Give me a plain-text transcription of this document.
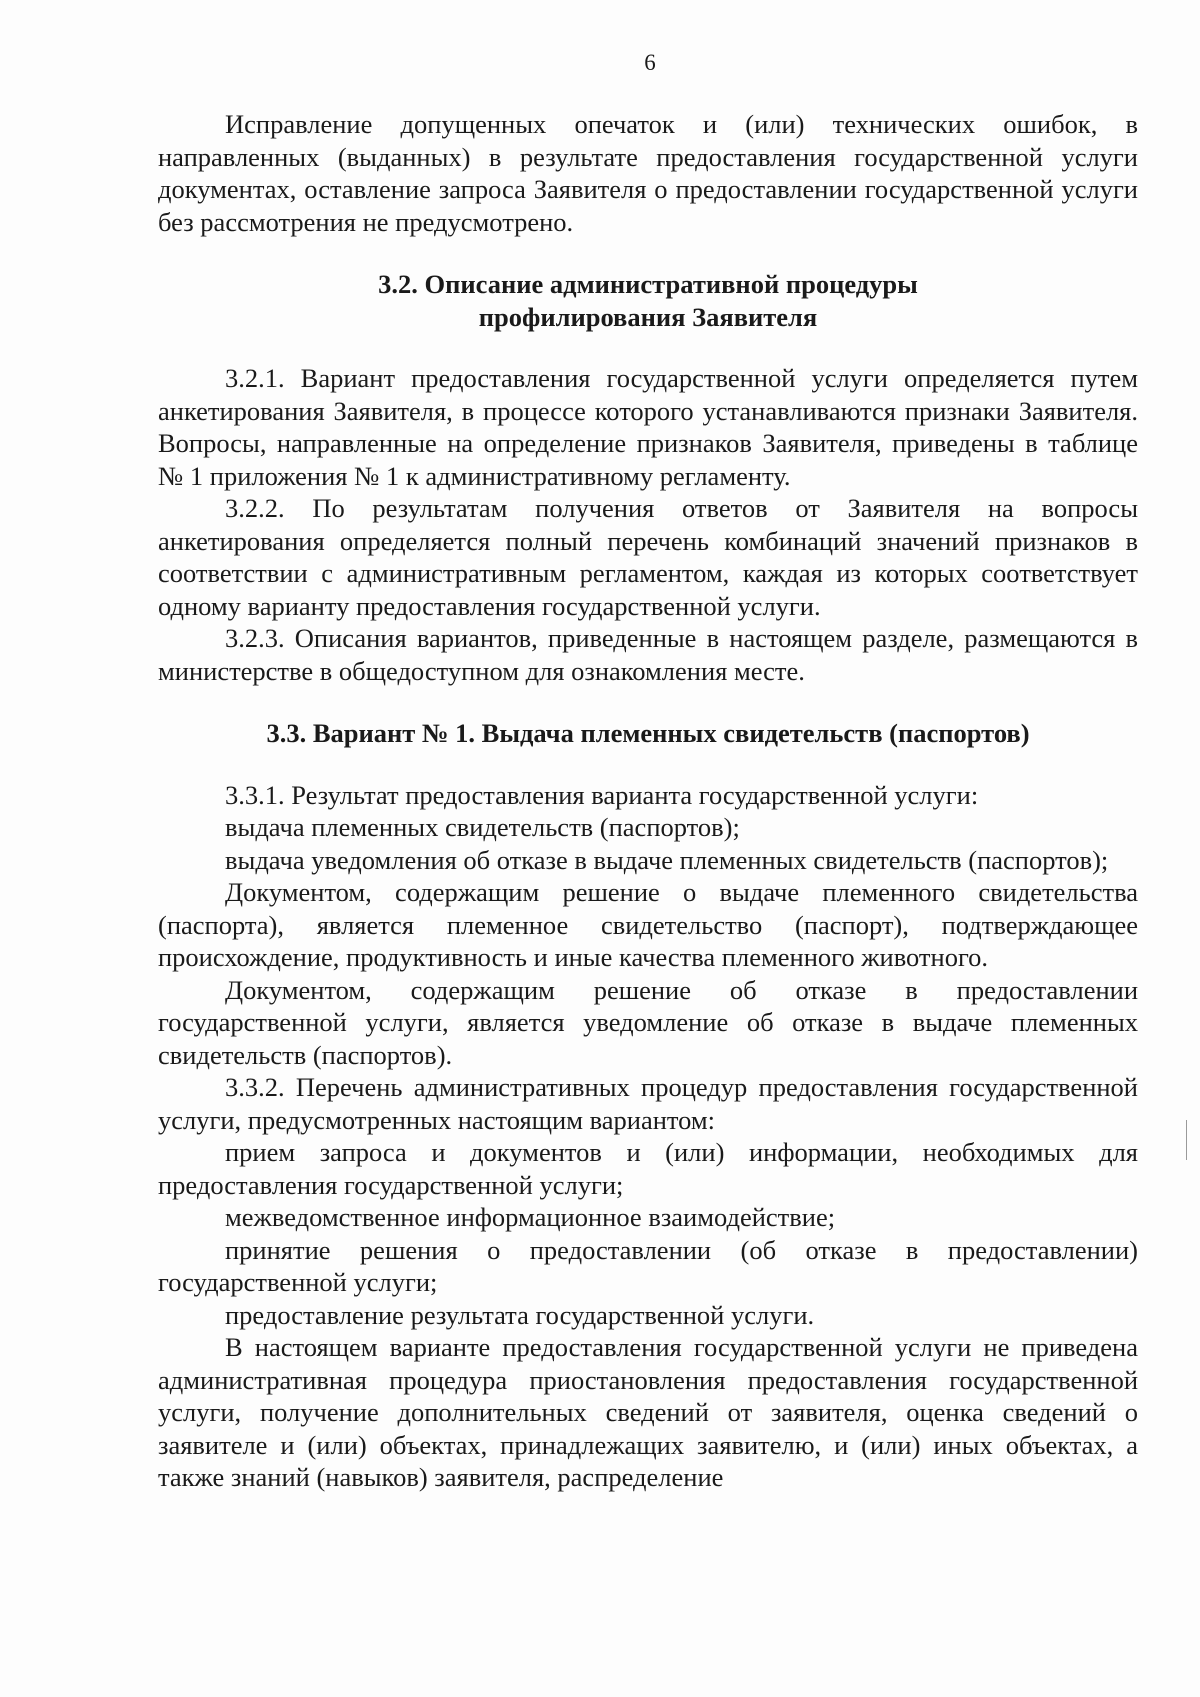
6

Исправление допущенных опечаток и (или) технических ошибок, в направленных (выданных) в результате предоставления государственной услуги документах, оставление запроса Заявителя о предоставлении государственной услуги без рассмотрения не предусмотрено.

3.2. Описание административной процедуры

профилирования Заявителя

3.2.1. Вариант предоставления государственной услуги определяется путем анкетирования Заявителя, в процессе которого устанавливаются признаки Заявителя. Вопросы, направленные на определение признаков Заявителя, приведены в таблице № 1 приложения № 1 к административному регламенту.

3.2.2. По результатам получения ответов от Заявителя на вопросы анкетирования определяется полный перечень комбинаций значений признаков в соответствии с административным регламентом, каждая из которых соответствует одному варианту предоставления государственной услуги.

3.2.3. Описания вариантов, приведенные в настоящем разделе, размещаются в министерстве в общедоступном для ознакомления месте.

3.3. Вариант № 1. Выдача племенных свидетельств (паспортов)

3.3.1. Результат предоставления варианта государственной услуги:

выдача племенных свидетельств (паспортов);

выдача уведомления об отказе в выдаче племенных свидетельств (паспортов);

Документом, содержащим решение о выдаче племенного свидетельства (паспорта), является племенное свидетельство (паспорт), подтверждающее происхождение, продуктивность и иные качества племенного животного.

Документом, содержащим решение об отказе в предоставлении государственной услуги, является уведомление об отказе в выдаче племенных свидетельств (паспортов).

3.3.2. Перечень административных процедур предоставления государственной услуги, предусмотренных настоящим вариантом:

прием запроса и документов и (или) информации, необходимых для предоставления государственной услуги;

межведомственное информационное взаимодействие;

принятие решения о предоставлении (об отказе в предоставлении) государственной услуги;

предоставление результата государственной услуги.

В настоящем варианте предоставления государственной услуги не приведена административная процедура приостановления предоставления государственной услуги, получение дополнительных сведений от заявителя, оценка сведений о заявителе и (или) объектах, принадлежащих заявителю, и (или) иных объектах, а также знаний (навыков) заявителя, распределение
